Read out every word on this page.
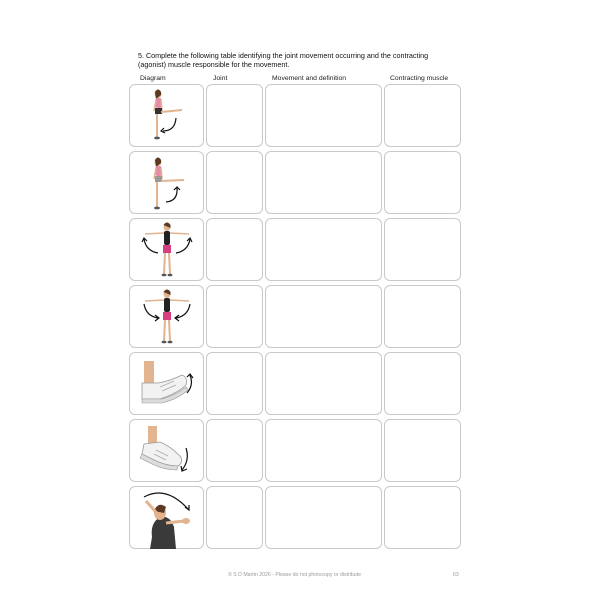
5. Complete the following table identifying the joint movement occurring and the contracting
(agonist) muscle responsible for the movement.
Diagram	Joint	Movement and definition	Contracting muscle
© S D Martin 2026 - Please do not photocopy or distribute	63
